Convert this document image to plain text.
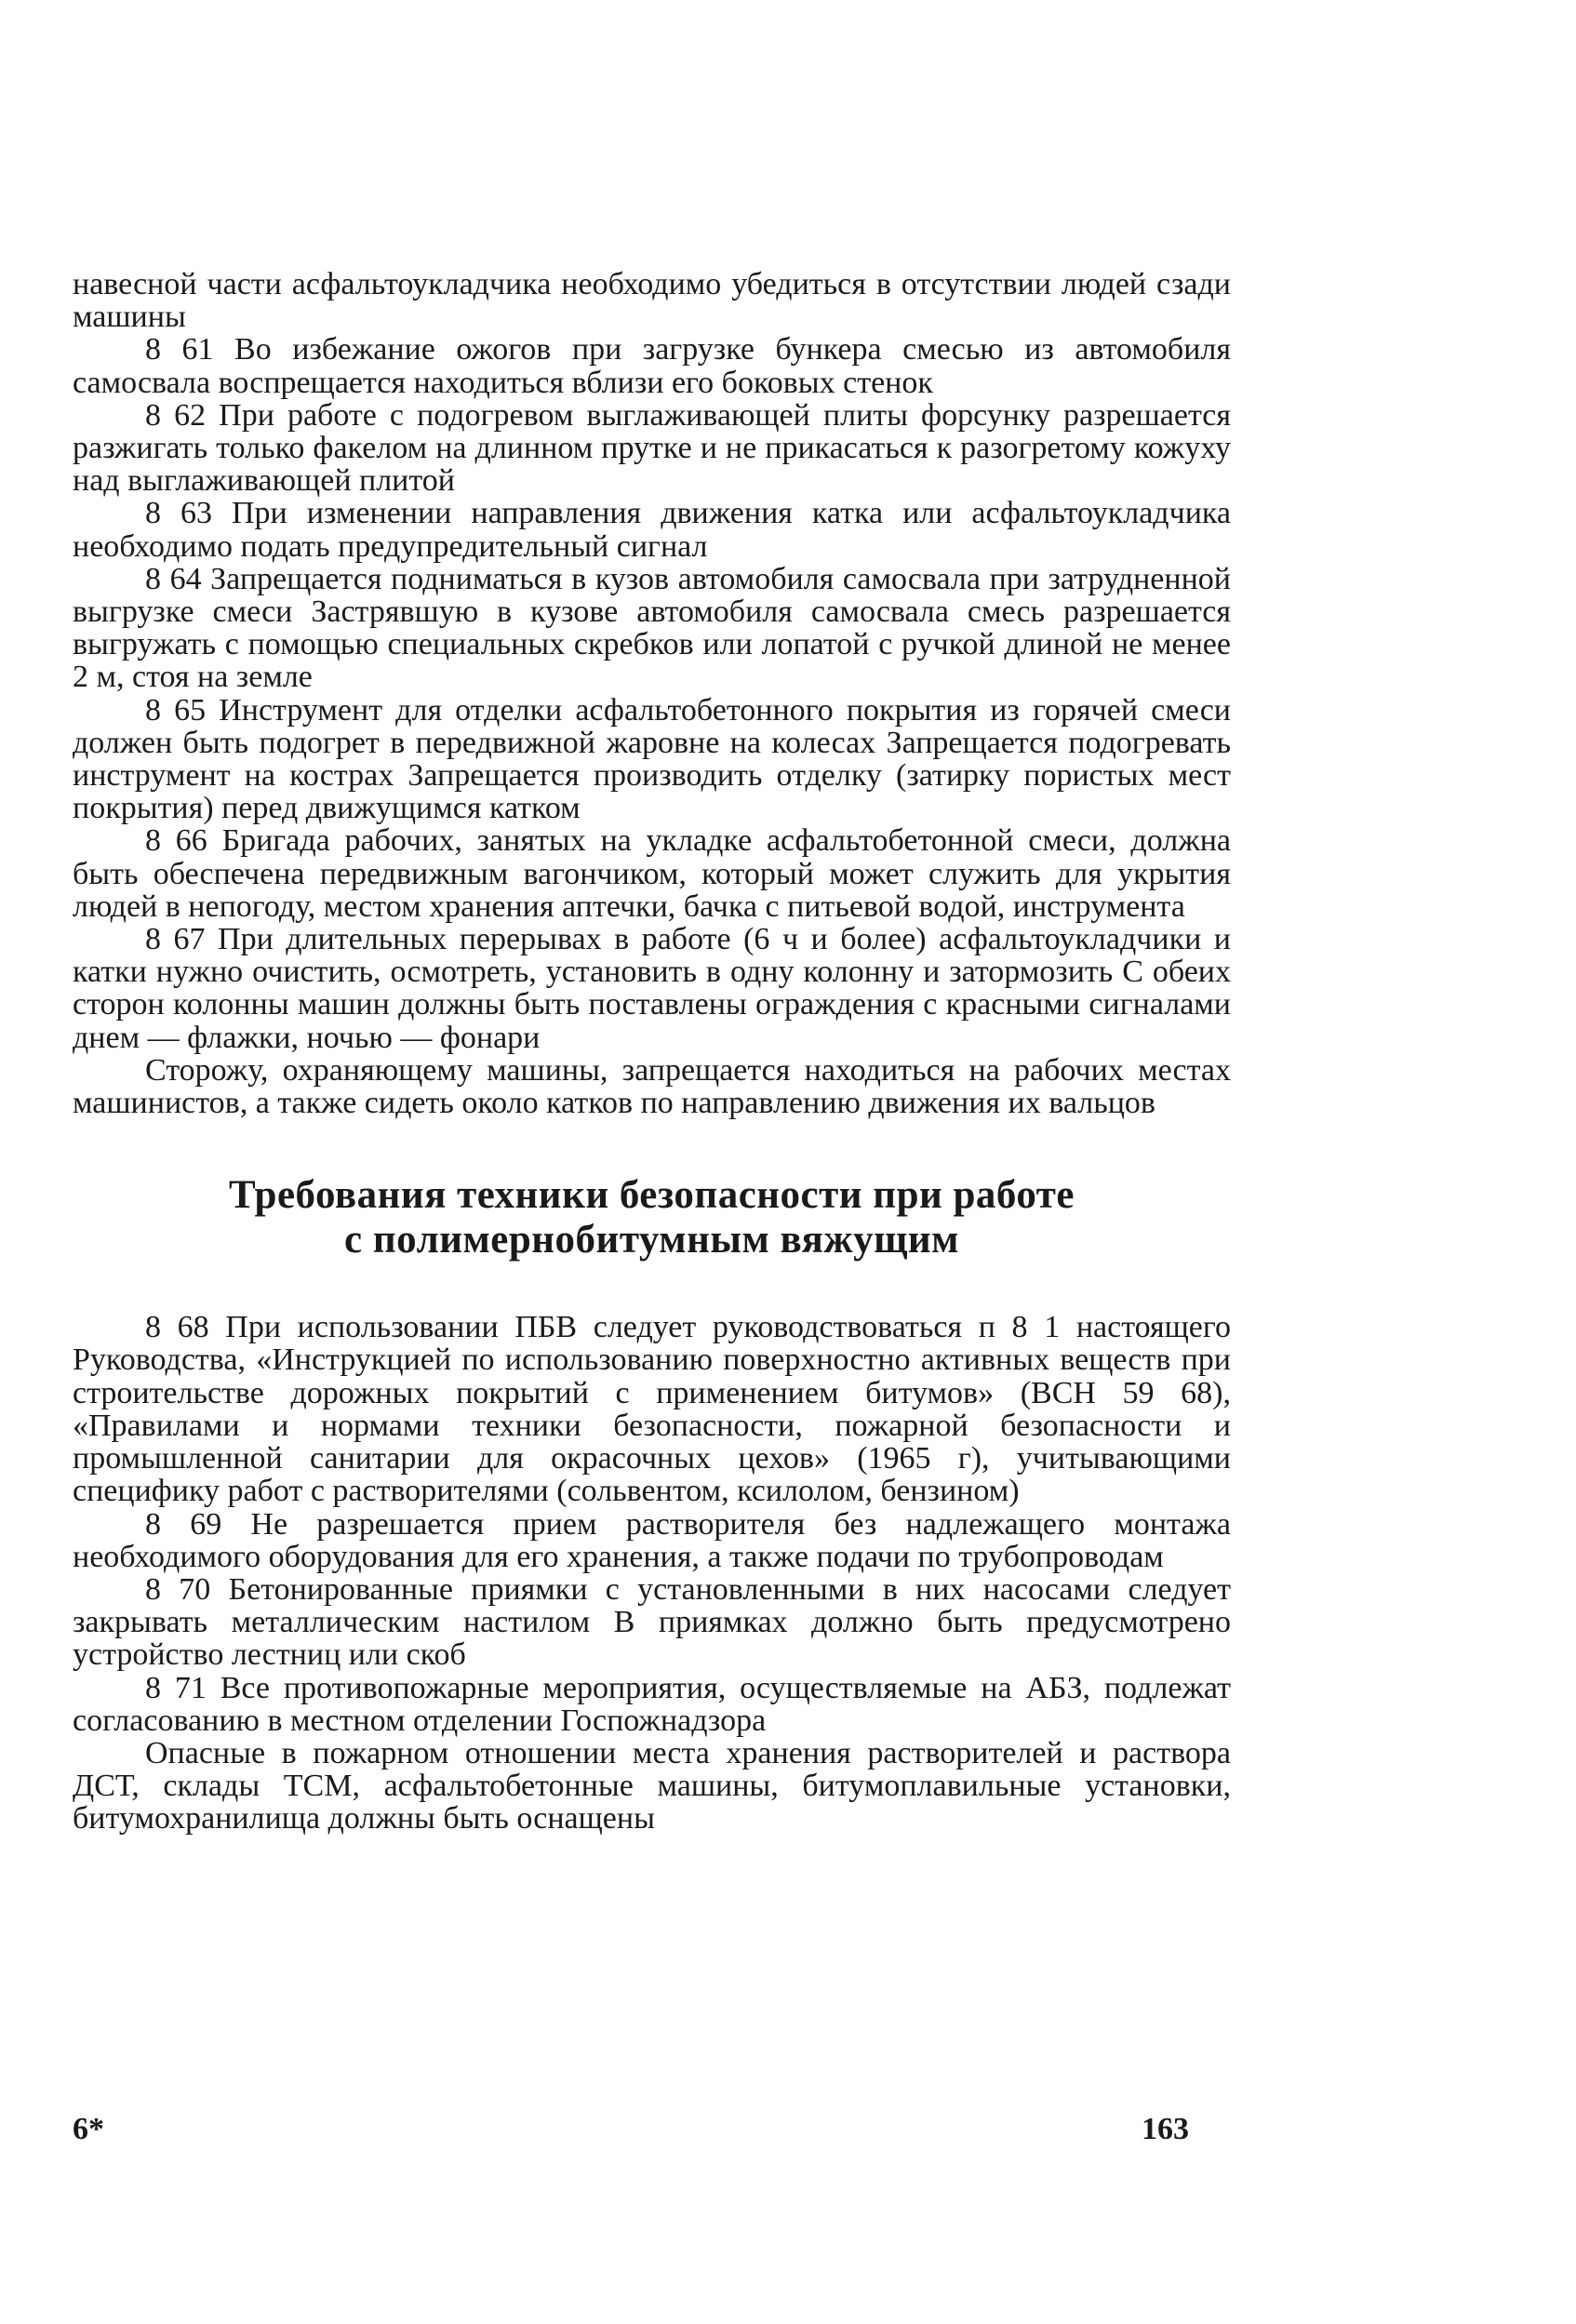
навесной части асфальтоукладчика необходимо убедиться в отсутствии людей сзади машины

8 61 Во избежание ожогов при загрузке бункера смесью из автомобиля самосвала воспрещается находиться вблизи его боковых стенок

8 62 При работе с подогревом выглаживающей плиты форсунку разрешается разжигать только факелом на длинном прутке и не прикасаться к разогретому кожуху над выглаживающей плитой

8 63 При изменении направления движения катка или асфальтоукладчика необходимо подать предупредительный сигнал

8 64 Запрещается подниматься в кузов автомобиля самосвала при затрудненной выгрузке смеси Застрявшую в кузове автомобиля самосвала смесь разрешается выгружать с помощью специальных скребков или лопатой с ручкой длиной не менее 2 м, стоя на земле

8 65 Инструмент для отделки асфальтобетонного покрытия из горячей смеси должен быть подогрет в передвижной жаровне на колесах Запрещается подогревать инструмент на кострах Запрещается производить отделку (затирку пористых мест покрытия) перед движущимся катком

8 66 Бригада рабочих, занятых на укладке асфальтобетонной смеси, должна быть обеспечена передвижным вагончиком, который может служить для укрытия людей в непогоду, местом хранения аптечки, бачка с питьевой водой, инструмента

8 67 При длительных перерывах в работе (6 ч и более) асфальтоукладчики и катки нужно очистить, осмотреть, установить в одну колонну и затормозить С обеих сторон колонны машин должны быть поставлены ограждения с красными сигналами днем — флажки, ночью — фонари

Сторожу, охраняющему машины, запрещается находиться на рабочих местах машинистов, а также сидеть около катков по направлению движения их вальцов

Требования техники безопасности при работе
с полимернобитумным вяжущим

8 68 При использовании ПБВ следует руководствоваться п 8 1 настоящего Руководства, «Инструкцией по использованию поверхностно активных веществ при строительстве дорожных покрытий с применением битумов» (ВСН 59 68), «Правилами и нормами техники безопасности, пожарной безопасности и промышленной санитарии для окрасочных цехов» (1965 г), учитывающими специфику работ с растворителями (сольвентом, ксилолом, бензином)

8 69 Не разрешается прием растворителя без надлежащего монтажа необходимого оборудования для его хранения, а также подачи по трубопроводам

8 70 Бетонированные приямки с установленными в них насосами следует закрывать металлическим настилом В приямках должно быть предусмотрено устройство лестниц или скоб

8 71 Все противопожарные мероприятия, осуществляемые на АБЗ, подлежат согласованию в местном отделении Госпожнадзора

Опасные в пожарном отношении места хранения растворителей и раствора ДСТ, склады ТСМ, асфальтобетонные машины, битумоплавильные установки, битумохранилища должны быть оснащены

6*	163
